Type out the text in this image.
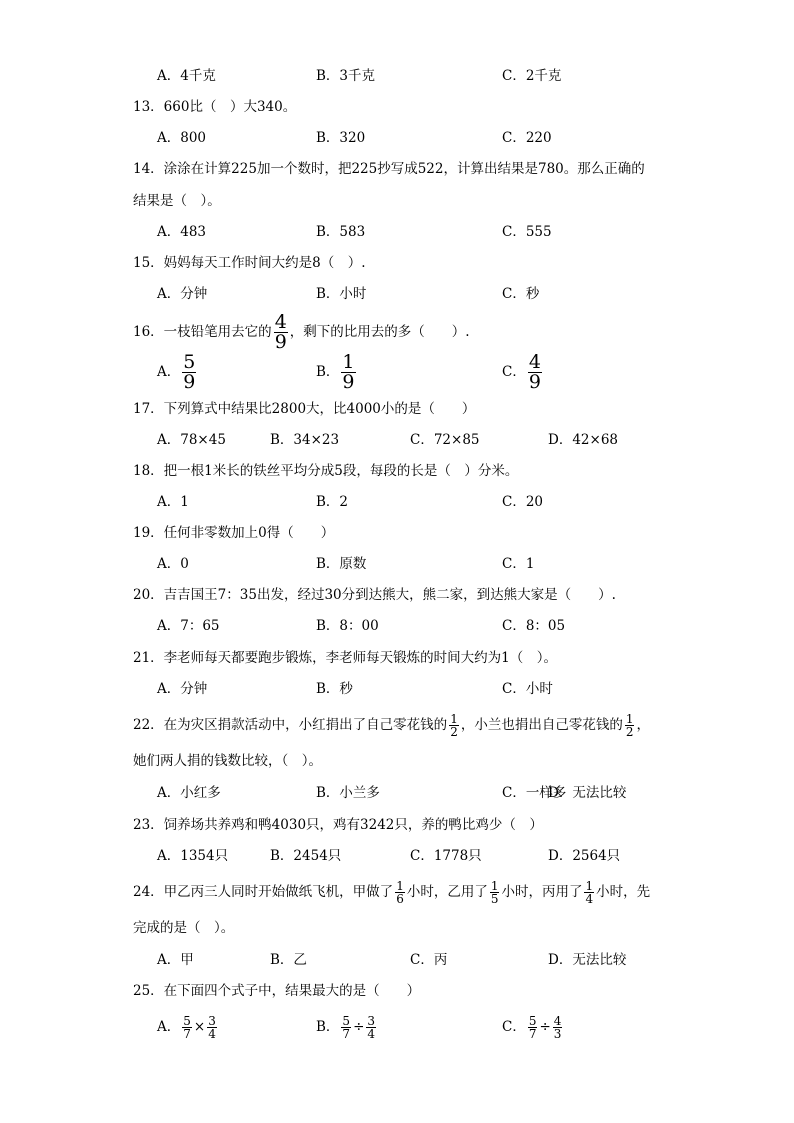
A．4千克	B．3千克	C．2千克
13．660比（　）大340。
A．800	B．320	C．220
14．涂涂在计算225加一个数时，把225抄写成522，计算出结果是780。那么正确的
结果是（　）。
A．483	B．583	C．555
15．妈妈每天工作时间大约是8（　）.
A．分钟	B．小时	C．秒
16．一枝铅笔用去它的 $\frac{4}{9}$ ，剩下的比用去的多（　　）.
A． $\frac{5}{9}$	B． $\frac{1}{9}$	C． $\frac{4}{9}$
17．下列算式中结果比2800大，比4000小的是（　　）
A．78×45	B．34×23	C．72×85	D．42×68
18．把一根1米长的铁丝平均分成5段，每段的长是（　）分米。
A．1	B．2	C．20
19．任何非零数加上0得（　　）
A．0	B．原数	C．1
20．吉吉国王7：35出发，经过30分到达熊大，熊二家，到达熊大家是（　　）.
A．7：65	B．8：00	C．8：05
21．李老师每天都要跑步锻炼，李老师每天锻炼的时间大约为1（　）。
A．分钟	B．秒	C．小时
22．在为灾区捐款活动中，小红捐出了自己零花钱的 $\frac{1}{2}$ ，小兰也捐出自己零花钱的 $\frac{1}{2}$ ，
她们两人捐的钱数比较，（　）。
A．小红多	B．小兰多	C．一样多
D．无法比较
23．饲养场共养鸡和鸭4030只，鸡有3242只，养的鸭比鸡少（　）
A．1354只	B．2454只	C．1778只	D．2564只
24．甲乙丙三人同时开始做纸飞机，甲做了 $\frac{1}{6}$ 小时，乙用了 $\frac{1}{5}$ 小时，丙用了 $\frac{1}{4}$ 小时，先
完成的是（　）。
A．甲	B．乙	C．丙	D．无法比较
25．在下面四个式子中，结果最大的是（　　）
A． $\frac{5}{7} \times \frac{3}{4}$	B． $\frac{5}{7} \div \frac{3}{4}$	C． $\frac{5}{7} \div \frac{4}{3}$
